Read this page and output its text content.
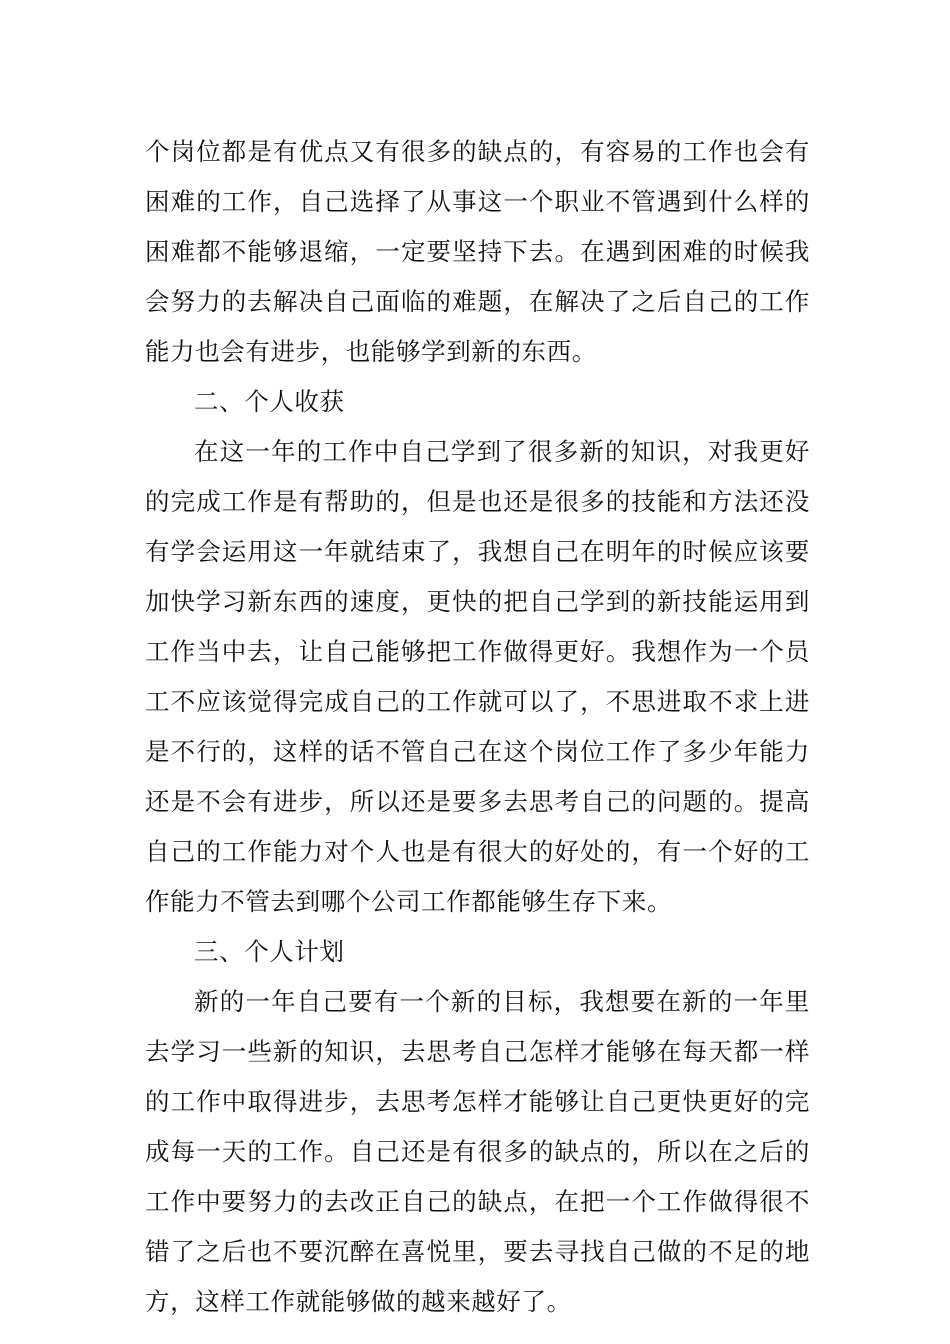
个岗位都是有优点又有很多的缺点的，有容易的工作也会有困难的工作，自己选择了从事这一个职业不管遇到什么样的困难都不能够退缩，一定要坚持下去。在遇到困难的时候我会努力的去解决自己面临的难题，在解决了之后自己的工作能力也会有进步，也能够学到新的东西。

二、个人收获

在这一年的工作中自己学到了很多新的知识，对我更好的完成工作是有帮助的，但是也还是很多的技能和方法还没有学会运用这一年就结束了，我想自己在明年的时候应该要加快学习新东西的速度，更快的把自己学到的新技能运用到工作当中去，让自己能够把工作做得更好。我想作为一个员工不应该觉得完成自己的工作就可以了，不思进取不求上进是不行的，这样的话不管自己在这个岗位工作了多少年能力还是不会有进步，所以还是要多去思考自己的问题的。提高自己的工作能力对个人也是有很大的好处的，有一个好的工作能力不管去到哪个公司工作都能够生存下来。

三、个人计划

新的一年自己要有一个新的目标，我想要在新的一年里去学习一些新的知识，去思考自己怎样才能够在每天都一样的工作中取得进步，去思考怎样才能够让自己更快更好的完成每一天的工作。自己还是有很多的缺点的，所以在之后的工作中要努力的去改正自己的缺点，在把一个工作做得很不错了之后也不要沉醉在喜悦里，要去寻找自己做的不足的地方，这样工作就能够做的越来越好了。
